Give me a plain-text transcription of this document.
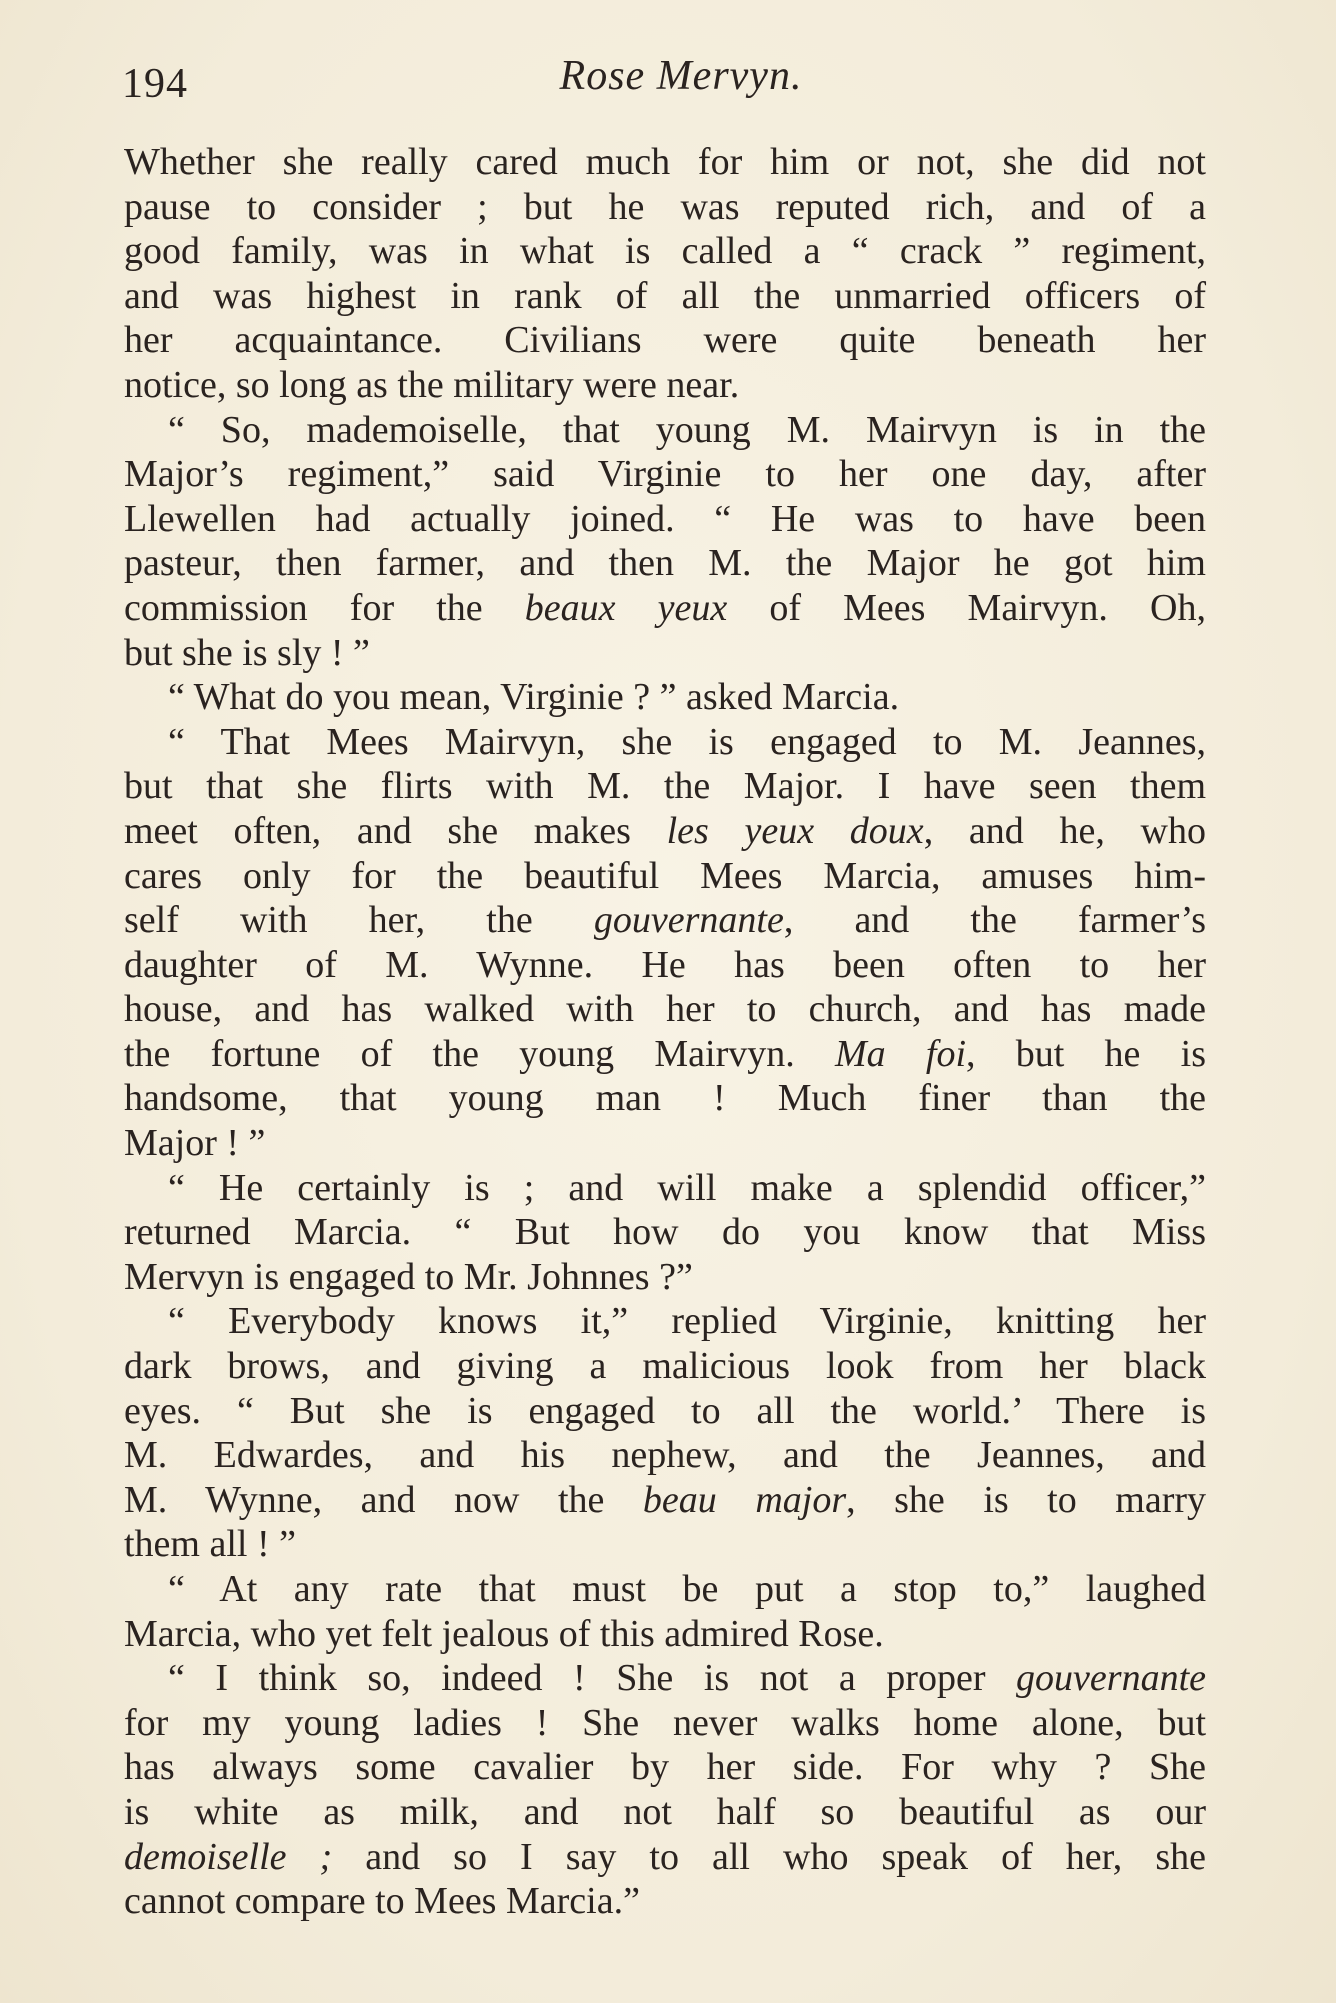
194	Rose Mervyn.
Whether she really cared much for him or not, she did not
pause to consider ; but he was reputed rich, and of a
good family, was in what is called a “ crack ” regiment,
and was highest in rank of all the unmarried officers of
her acquaintance. Civilians were quite beneath her
notice, so long as the military were near.
“ So, mademoiselle, that young M. Mairvyn is in the
Major’s regiment,” said Virginie to her one day, after
Llewellen had actually joined. “ He was to have been
pasteur, then farmer, and then M. the Major he got him
commission for the beaux yeux of Mees Mairvyn. Oh,
but she is sly ! ”
“ What do you mean, Virginie ? ” asked Marcia.
“ That Mees Mairvyn, she is engaged to M. Jeannes,
but that she flirts with M. the Major. I have seen them
meet often, and she makes les yeux doux, and he, who
cares only for the beautiful Mees Marcia, amuses him-
self with her, the gouvernante, and the farmer’s
daughter of M. Wynne. He has been often to her
house, and has walked with her to church, and has made
the fortune of the young Mairvyn. Ma foi, but he is
handsome, that young man ! Much finer than the
Major ! ”
“ He certainly is ; and will make a splendid officer,”
returned Marcia. “ But how do you know that Miss
Mervyn is engaged to Mr. Johnnes ?”
“ Everybody knows it,” replied Virginie, knitting her
dark brows, and giving a malicious look from her black
eyes. “ But she is engaged to all the world.’ There is
M. Edwardes, and his nephew, and the Jeannes, and
M. Wynne, and now the beau major, she is to marry
them all ! ”
“ At any rate that must be put a stop to,” laughed
Marcia, who yet felt jealous of this admired Rose.
“ I think so, indeed ! She is not a proper gouvernante
for my young ladies ! She never walks home alone, but
has always some cavalier by her side. For why ? She
is white as milk, and not half so beautiful as our
demoiselle ; and so I say to all who speak of her, she
cannot compare to Mees Marcia.”
